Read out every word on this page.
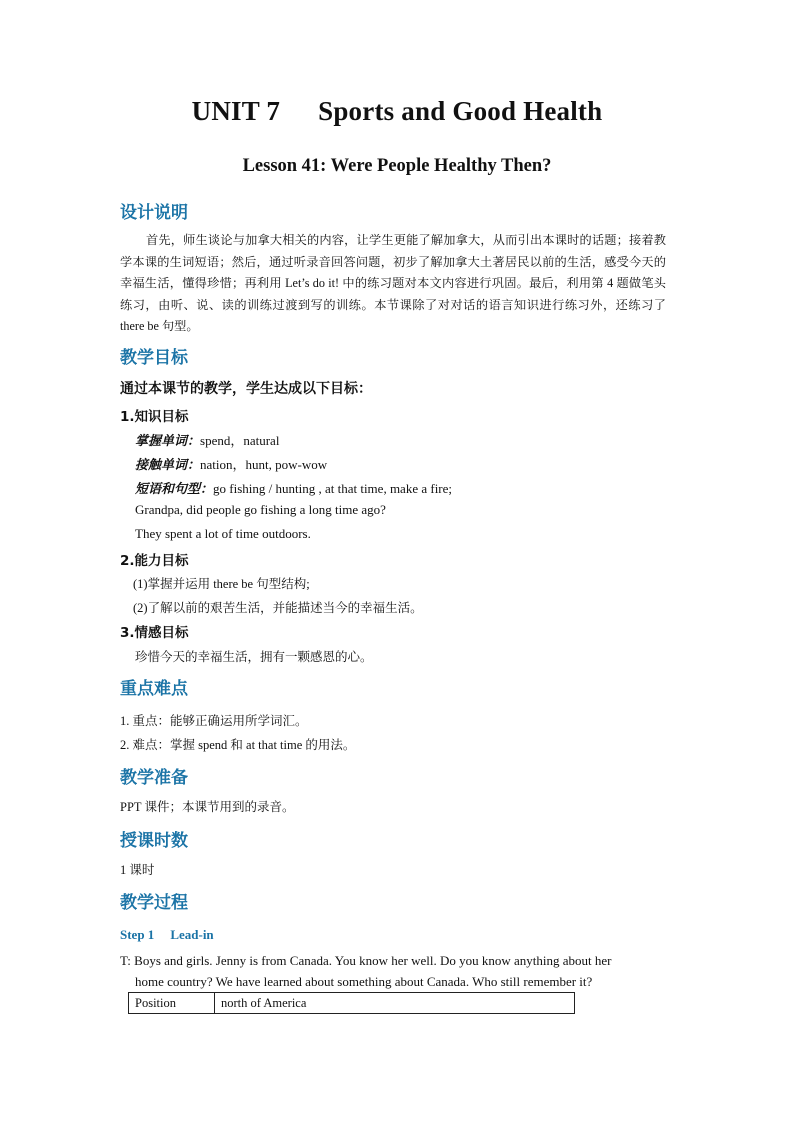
UNIT 7 Sports and Good Health
Lesson 41: Were People Healthy Then?
设计说明
首先，师生谈论与加拿大相关的内容，让学生更能了解加拿大，从而引出本课时的话题；接着教学本课的生词短语；然后，通过听录音回答问题，初步了解加拿大土著居民以前的生活，感受今天的幸福生活，懂得珍惜；再利用 Let’s do it! 中的练习题对本文内容进行巩固。最后，利用第 4 题做笔头练习，由听、说、读的训练过渡到写的训练。本节课除了对对话的语言知识进行练习外，还练习了 there be 句型。
教学目标
通过本课节的教学，学生达成以下目标：
1.知识目标
掌握单词：spend，natural
接触单词：nation，hunt, pow-wow
短语和句型：go fishing / hunting , at that time, make a fire;
Grandpa, did people go fishing a long time ago?
They spent a lot of time outdoors.
2.能力目标
(1)掌握并运用 there be 句型结构;
(2)了解以前的艰苦生活，并能描述当今的幸福生活。
3.情感目标
珍惜今天的幸福生活，拥有一颗感恩的心。
重点难点
1. 重点：能够正确运用所学词汇。
2. 难点：掌握 spend 和 at that time 的用法。
教学准备
PPT 课件；本课节用到的录音。
授课时数
1 课时
教学过程
Step 1 Lead-in
T: Boys and girls. Jenny is from Canada. You know her well. Do you know anything about her
home country? We have learned about something about Canada. Who still remember it?
Position	north of America
